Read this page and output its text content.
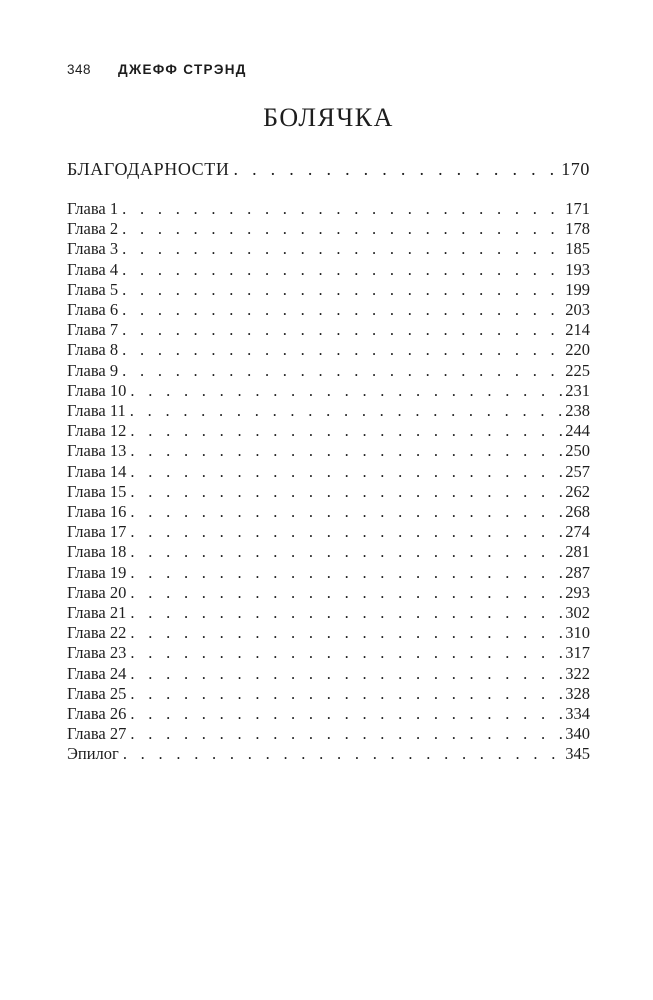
348 ДЖЕФФ СТРЭНД
БОЛЯЧКА
БЛАГОДАРНОСТИ . . .	170
Глава 1 . . .	171
Глава 2 . . .	178
Глава 3 . . .	185
Глава 4 . . .	193
Глава 5 . . .	199
Глава 6 . . .	203
Глава 7 . . .	214
Глава 8 . . .	220
Глава 9 . . .	225
Глава 10 . . .	231
Глава 11 . . .	238
Глава 12 . . .	244
Глава 13 . . .	250
Глава 14 . . .	257
Глава 15 . . .	262
Глава 16 . . .	268
Глава 17 . . .	274
Глава 18 . . .	281
Глава 19 . . .	287
Глава 20 . . .	293
Глава 21 . . .	302
Глава 22 . . .	310
Глава 23 . . .	317
Глава 24 . . .	322
Глава 25 . . .	328
Глава 26 . . .	334
Глава 27 . . .	340
Эпилог . . .	345
